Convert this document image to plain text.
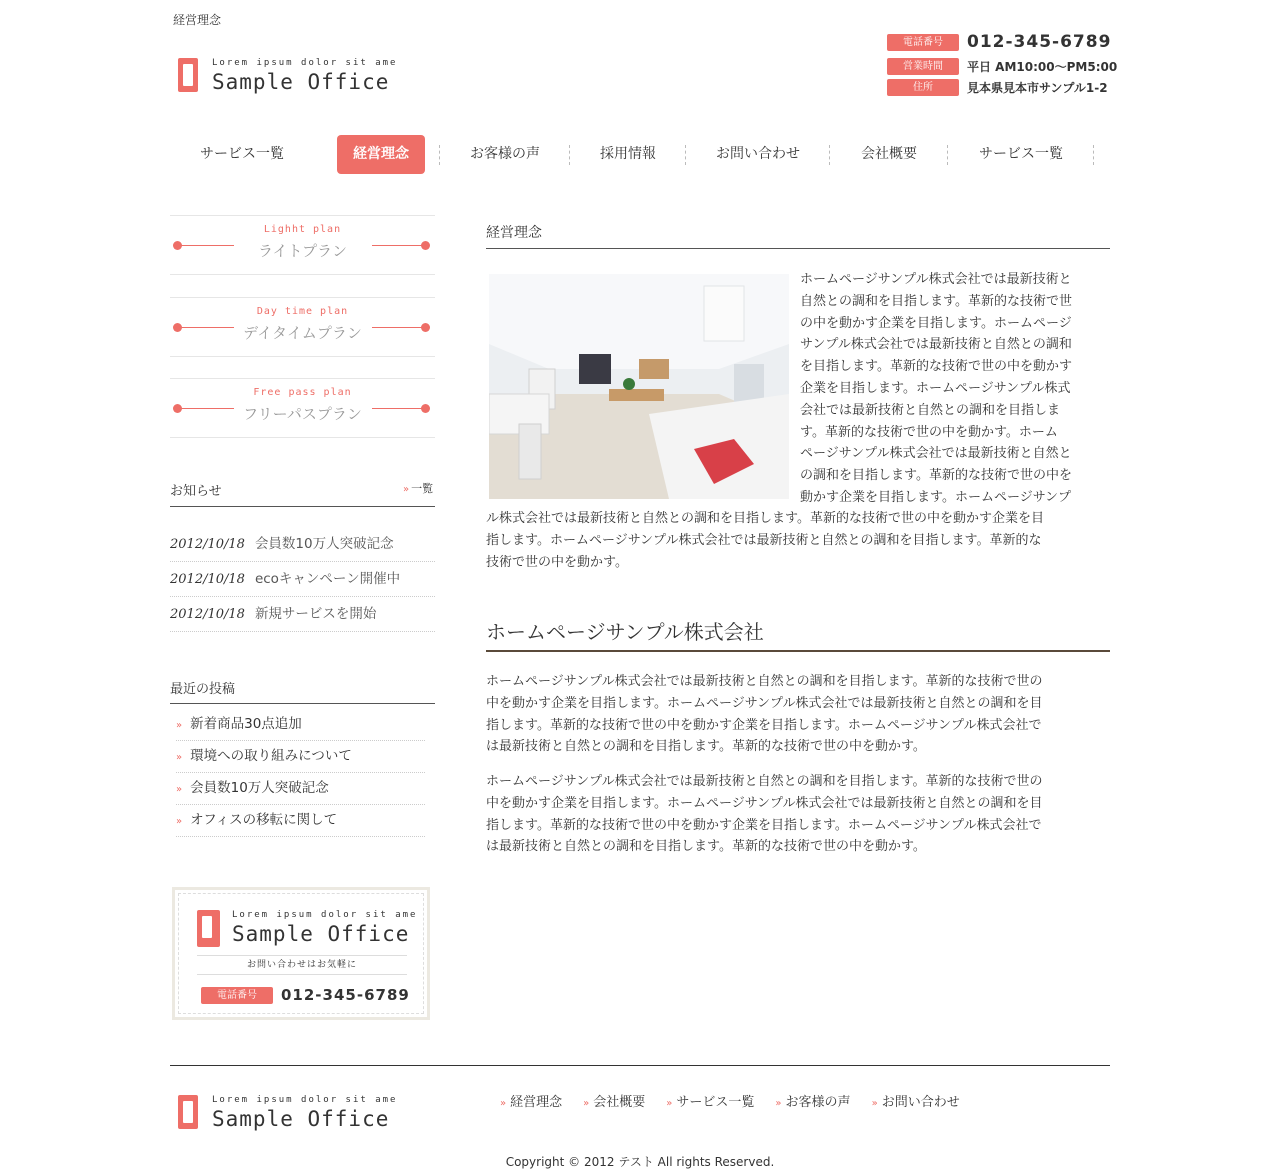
経営理念
Lorem ipsum dolor sit ame
Sample Office
電話番号	012-345-6789
営業時間	平日 AM10:00～PM5:00
住所	見本県見本市サンプル1-2
サービス一覧	経営理念	お客様の声	採用情報	お問い合わせ	会社概要	サービス一覧
Lighht plan
ライトプラン
Day time plan
デイタイムプラン
Free pass plan
フリーパスプラン
お知らせ	» 一覧
2012/10/18 会員数10万人突破記念
2012/10/18 ecoキャンペーン開催中
2012/10/18 新規サービスを開始
最近の投稿
» 新着商品30点追加
» 環境への取り組みについて
» 会員数10万人突破記念
» オフィスの移転に関して
Lorem ipsum dolor sit ame
Sample Office
お問い合わせはお気軽に
電話番号	012-345-6789
経営理念
ホームページサンプル株式会社では最新技術と
自然との調和を目指します。革新的な技術で世
の中を動かす企業を目指します。ホームページ
サンプル株式会社では最新技術と自然との調和
を目指します。革新的な技術で世の中を動かす
企業を目指します。ホームページサンプル株式
会社では最新技術と自然との調和を目指しま
す。革新的な技術で世の中を動かす。ホーム
ページサンプル株式会社では最新技術と自然と
の調和を目指します。革新的な技術で世の中を
動かす企業を目指します。ホームページサンプ
ル株式会社では最新技術と自然との調和を目指します。革新的な技術で世の中を動かす企業を目
指します。ホームページサンプル株式会社では最新技術と自然との調和を目指します。革新的な
技術で世の中を動かす。
ホームページサンプル株式会社
ホームページサンプル株式会社では最新技術と自然との調和を目指します。革新的な技術で世の
中を動かす企業を目指します。ホームページサンプル株式会社では最新技術と自然との調和を目
指します。革新的な技術で世の中を動かす企業を目指します。ホームページサンプル株式会社で
は最新技術と自然との調和を目指します。革新的な技術で世の中を動かす。
ホームページサンプル株式会社では最新技術と自然との調和を目指します。革新的な技術で世の
中を動かす企業を目指します。ホームページサンプル株式会社では最新技術と自然との調和を目
指します。革新的な技術で世の中を動かす企業を目指します。ホームページサンプル株式会社で
は最新技術と自然との調和を目指します。革新的な技術で世の中を動かす。
Lorem ipsum dolor sit ame
Sample Office
» 経営理念 » 会社概要 » サービス一覧 » お客様の声 » お問い合わせ
Copyright © 2012 テスト All rights Reserved.
